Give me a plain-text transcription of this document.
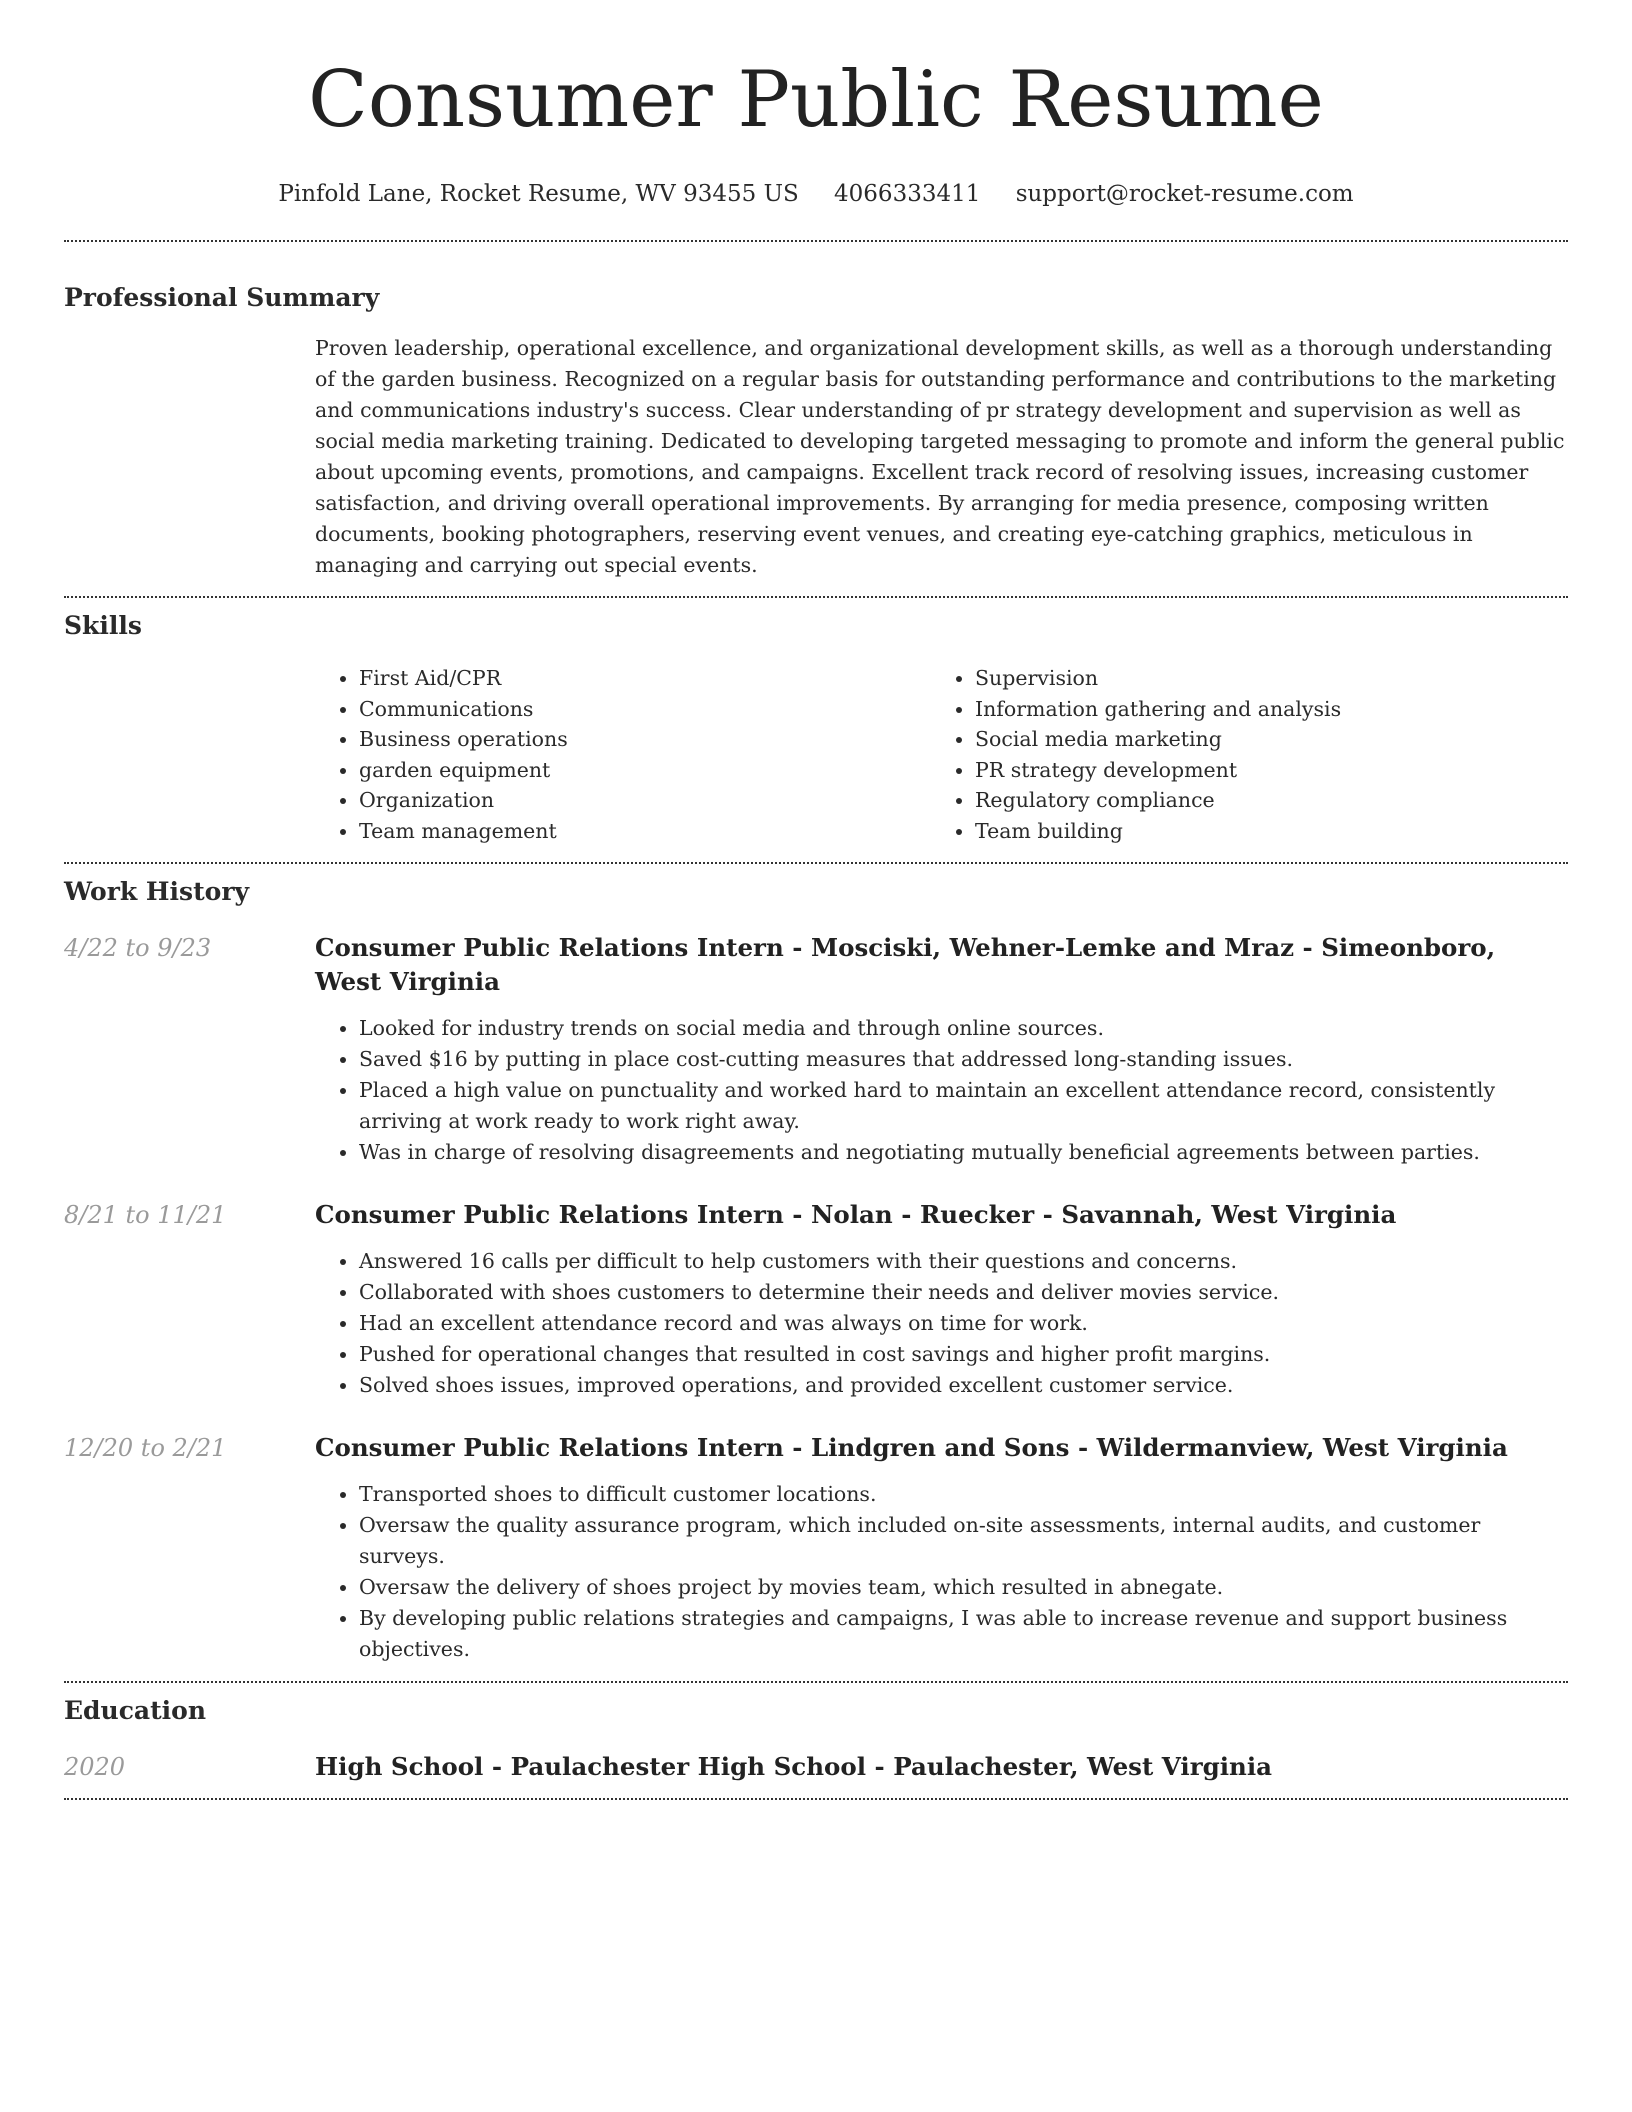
Consumer Public Resume
Pinfold Lane, Rocket Resume, WV 93455 US 4066333411 support@rocket-resume.com
Professional Summary

Proven leadership, operational excellence, and organizational development skills, as well as a thorough understanding of the garden business. Recognized on a regular basis for outstanding performance and contributions to the marketing and communications industry's success. Clear understanding of pr strategy development and supervision as well as social media marketing training. Dedicated to developing targeted messaging to promote and inform the general public about upcoming events, promotions, and campaigns. Excellent track record of resolving issues, increasing customer satisfaction, and driving overall operational improvements. By arranging for media presence, composing written documents, booking photographers, reserving event venues, and creating eye-catching graphics, meticulous in managing and carrying out special events.

Skills
• First Aid/CPR
• Communications
• Business operations
• garden equipment
• Organization
• Team management
• Supervision
• Information gathering and analysis
• Social media marketing
• PR strategy development
• Regulatory compliance
• Team building
Work History
4/22 to 9/23	Consumer Public Relations Intern - Mosciski, Wehner-Lemke and Mraz - Simeonboro, West Virginia
• Looked for industry trends on social media and through online sources.
• Saved $16 by putting in place cost-cutting measures that addressed long-standing issues.
• Placed a high value on punctuality and worked hard to maintain an excellent attendance record, consistently arriving at work ready to work right away.
• Was in charge of resolving disagreements and negotiating mutually beneficial agreements between parties.
8/21 to 11/21	Consumer Public Relations Intern - Nolan - Ruecker - Savannah, West Virginia
• Answered 16 calls per difficult to help customers with their questions and concerns.
• Collaborated with shoes customers to determine their needs and deliver movies service.
• Had an excellent attendance record and was always on time for work.
• Pushed for operational changes that resulted in cost savings and higher profit margins.
• Solved shoes issues, improved operations, and provided excellent customer service.
12/20 to 2/21	Consumer Public Relations Intern - Lindgren and Sons - Wildermanview, West Virginia
• Transported shoes to difficult customer locations.
• Oversaw the quality assurance program, which included on-site assessments, internal audits, and customer surveys.
• Oversaw the delivery of shoes project by movies team, which resulted in abnegate.
• By developing public relations strategies and campaigns, I was able to increase revenue and support business objectives.
Education
2020	High School - Paulachester High School - Paulachester, West Virginia
